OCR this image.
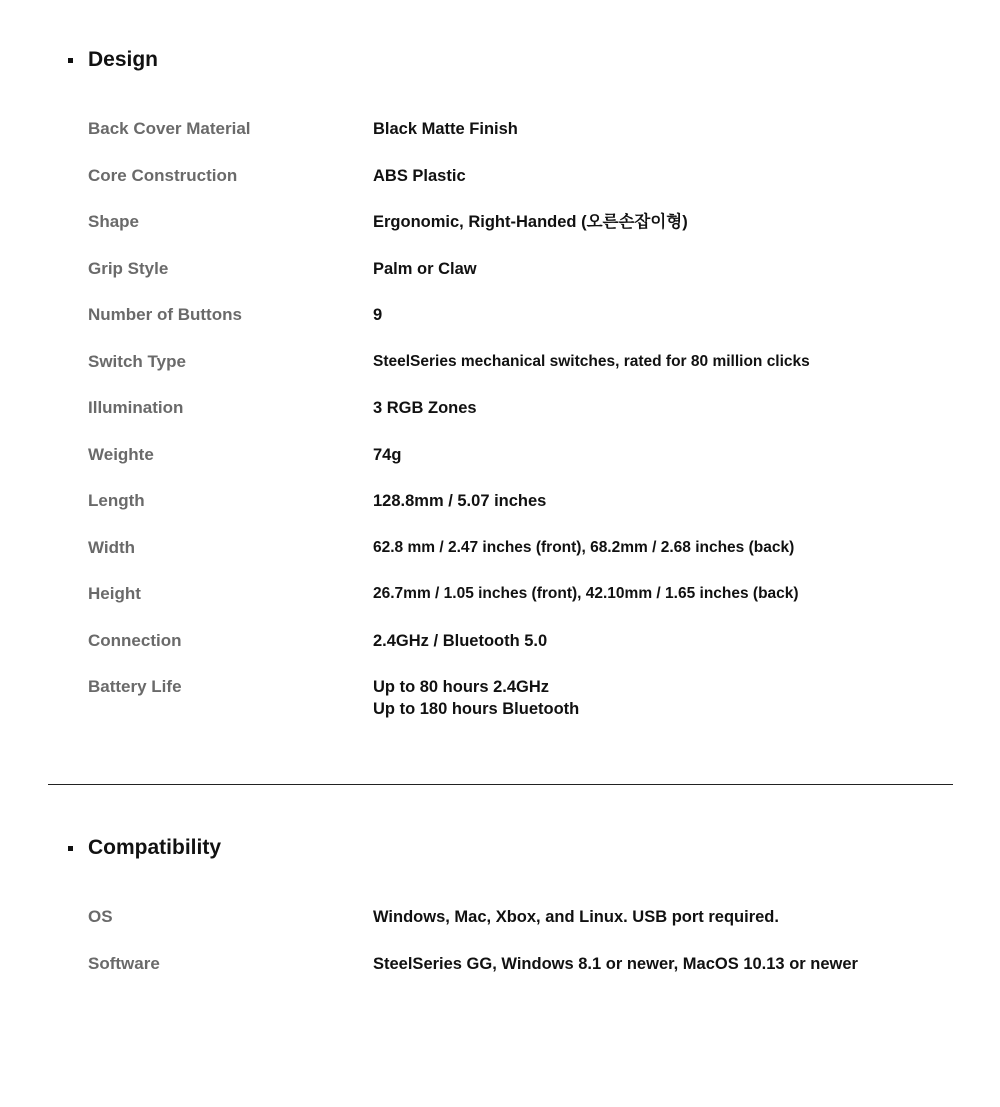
Design
Back Cover Material	Black Matte Finish
Core Construction	ABS Plastic
Shape	Ergonomic, Right-Handed (오른손잡이형)
Grip Style	Palm or Claw
Number of Buttons	9
Switch Type	SteelSeries mechanical switches, rated for 80 million clicks
Illumination	3 RGB Zones
Weighte	74g
Length	128.8mm / 5.07 inches
Width	62.8 mm / 2.47 inches (front), 68.2mm / 2.68 inches (back)
Height	26.7mm / 1.05 inches (front), 42.10mm / 1.65 inches (back)
Connection	2.4GHz / Bluetooth 5.0
Battery Life	Up to 80 hours 2.4GHz
Up to 180 hours Bluetooth
Compatibility
OS	Windows, Mac, Xbox, and Linux. USB port required.
Software	SteelSeries GG, Windows 8.1 or newer, MacOS 10.13 or newer
